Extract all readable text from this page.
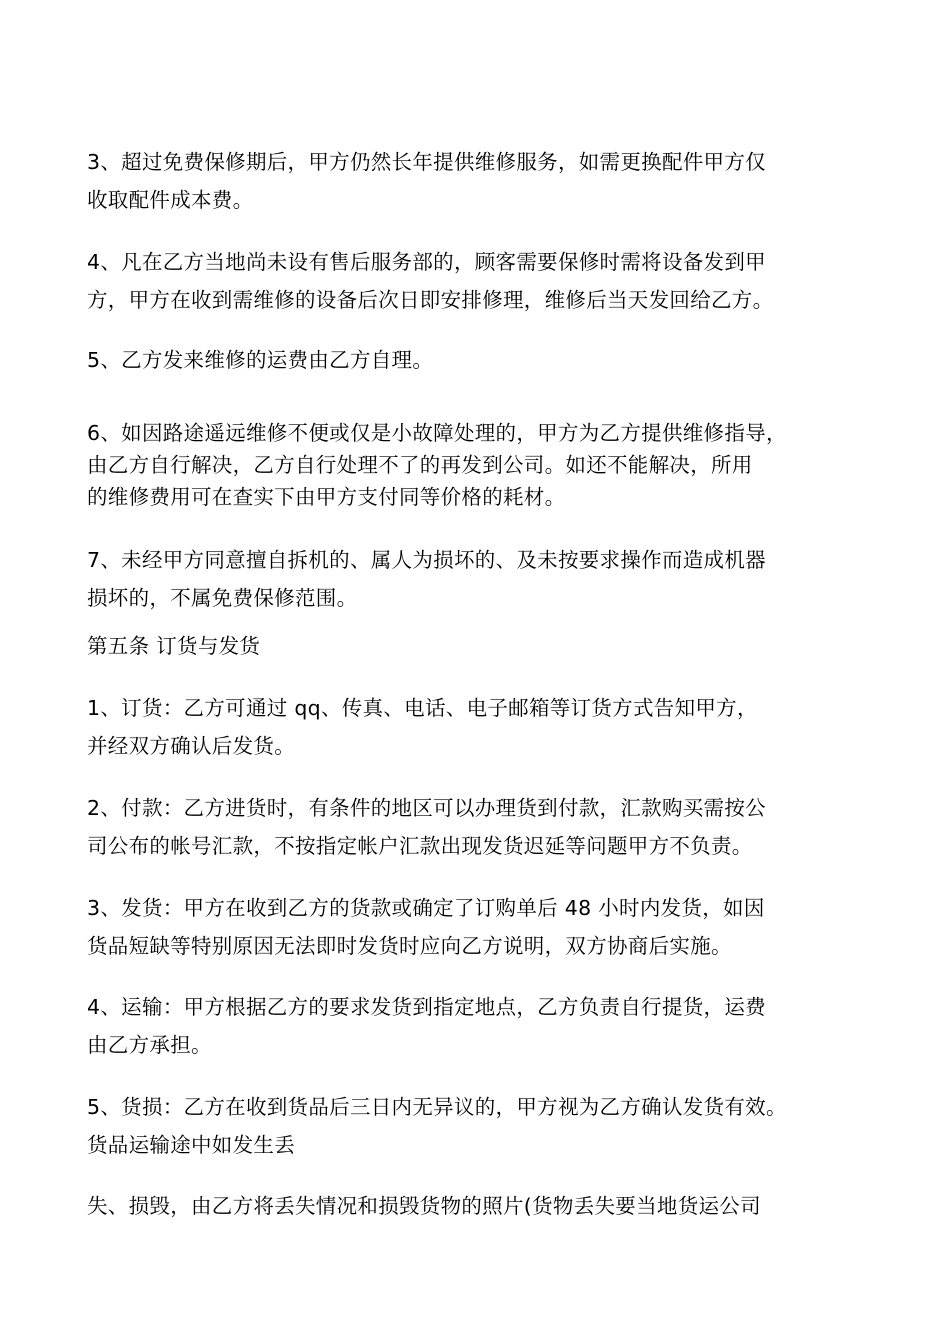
3、超过免费保修期后，甲方仍然长年提供维修服务，如需更换配件甲方仅
收取配件成本费。
4、凡在乙方当地尚未设有售后服务部的，顾客需要保修时需将设备发到甲
方，甲方在收到需维修的设备后次日即安排修理，维修后当天发回给乙方。
5、乙方发来维修的运费由乙方自理。
6、如因路途遥远维修不便或仅是小故障处理的，甲方为乙方提供维修指导，
由乙方自行解决，乙方自行处理不了的再发到公司。如还不能解决，所用
的维修费用可在查实下由甲方支付同等价格的耗材。
7、未经甲方同意擅自拆机的、属人为损坏的、及未按要求操作而造成机器
损坏的，不属免费保修范围。
第五条 订货与发货
1、订货：乙方可通过 qq、传真、电话、电子邮箱等订货方式告知甲方，
并经双方确认后发货。
2、付款：乙方进货时，有条件的地区可以办理货到付款，汇款购买需按公
司公布的帐号汇款，不按指定帐户汇款出现发货迟延等问题甲方不负责。
3、发货：甲方在收到乙方的货款或确定了订购单后 48 小时内发货，如因
货品短缺等特别原因无法即时发货时应向乙方说明，双方协商后实施。
4、运输：甲方根据乙方的要求发货到指定地点，乙方负责自行提货，运费
由乙方承担。
5、货损：乙方在收到货品后三日内无异议的，甲方视为乙方确认发货有效。
货品运输途中如发生丢
失、损毁，由乙方将丢失情况和损毁货物的照片(货物丢失要当地货运公司
